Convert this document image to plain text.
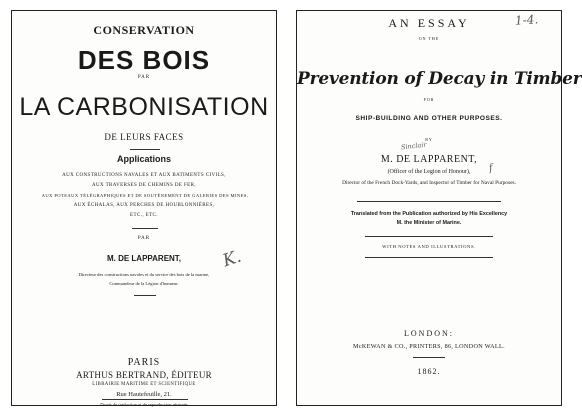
CONSERVATION
DES BOIS
PAR
LA CARBONISATION
DE LEURS FACES
Applications
AUX CONSTRUCTIONS NAVALES ET AUX BATIMENTS CIVILS,
AUX TRAVERSES DE CHEMINS DE FER,
AUX POTEAUX TÉLÉGRAPHIQUES ET DE SOUTÈNEMENT DE GALERIES DES MINES,
AUX ÉCHALAS, AUX PERCHES DE HOUBLONNIÈRES,
ETC., ETC.
PAR
M. DE LAPPARENT,
Directeur des constructions navales et du service des bois de la marine,
Commandeur de la Légion d'honneur.
K.
PARIS
ARTHUS BERTRAND, ÉDITEUR
LIBRAIRIE MARITIME ET SCIENTIFIQUE
Rue Hautefeuille, 21.
Droits de traduction et de reproduction réservés
AN ESSAY	1-4.
ON THE
Prevention of Decay in Timber
FOR
SHIP-BUILDING AND OTHER PURPOSES.
BY
Sinclair
M. DE LAPPARENT,
f
(Officer of the Legion of Honour),
Director of the French Dock-Yards, and Inspector of Timber for Naval Purposes.
Translated from the Publication authorized by His Excellency
M. the Minister of Marine.
WITH NOTES AND ILLUSTRATIONS.
LONDON:
McKEWAN & CO., PRINTERS, 86, LONDON WALL.
1862.
